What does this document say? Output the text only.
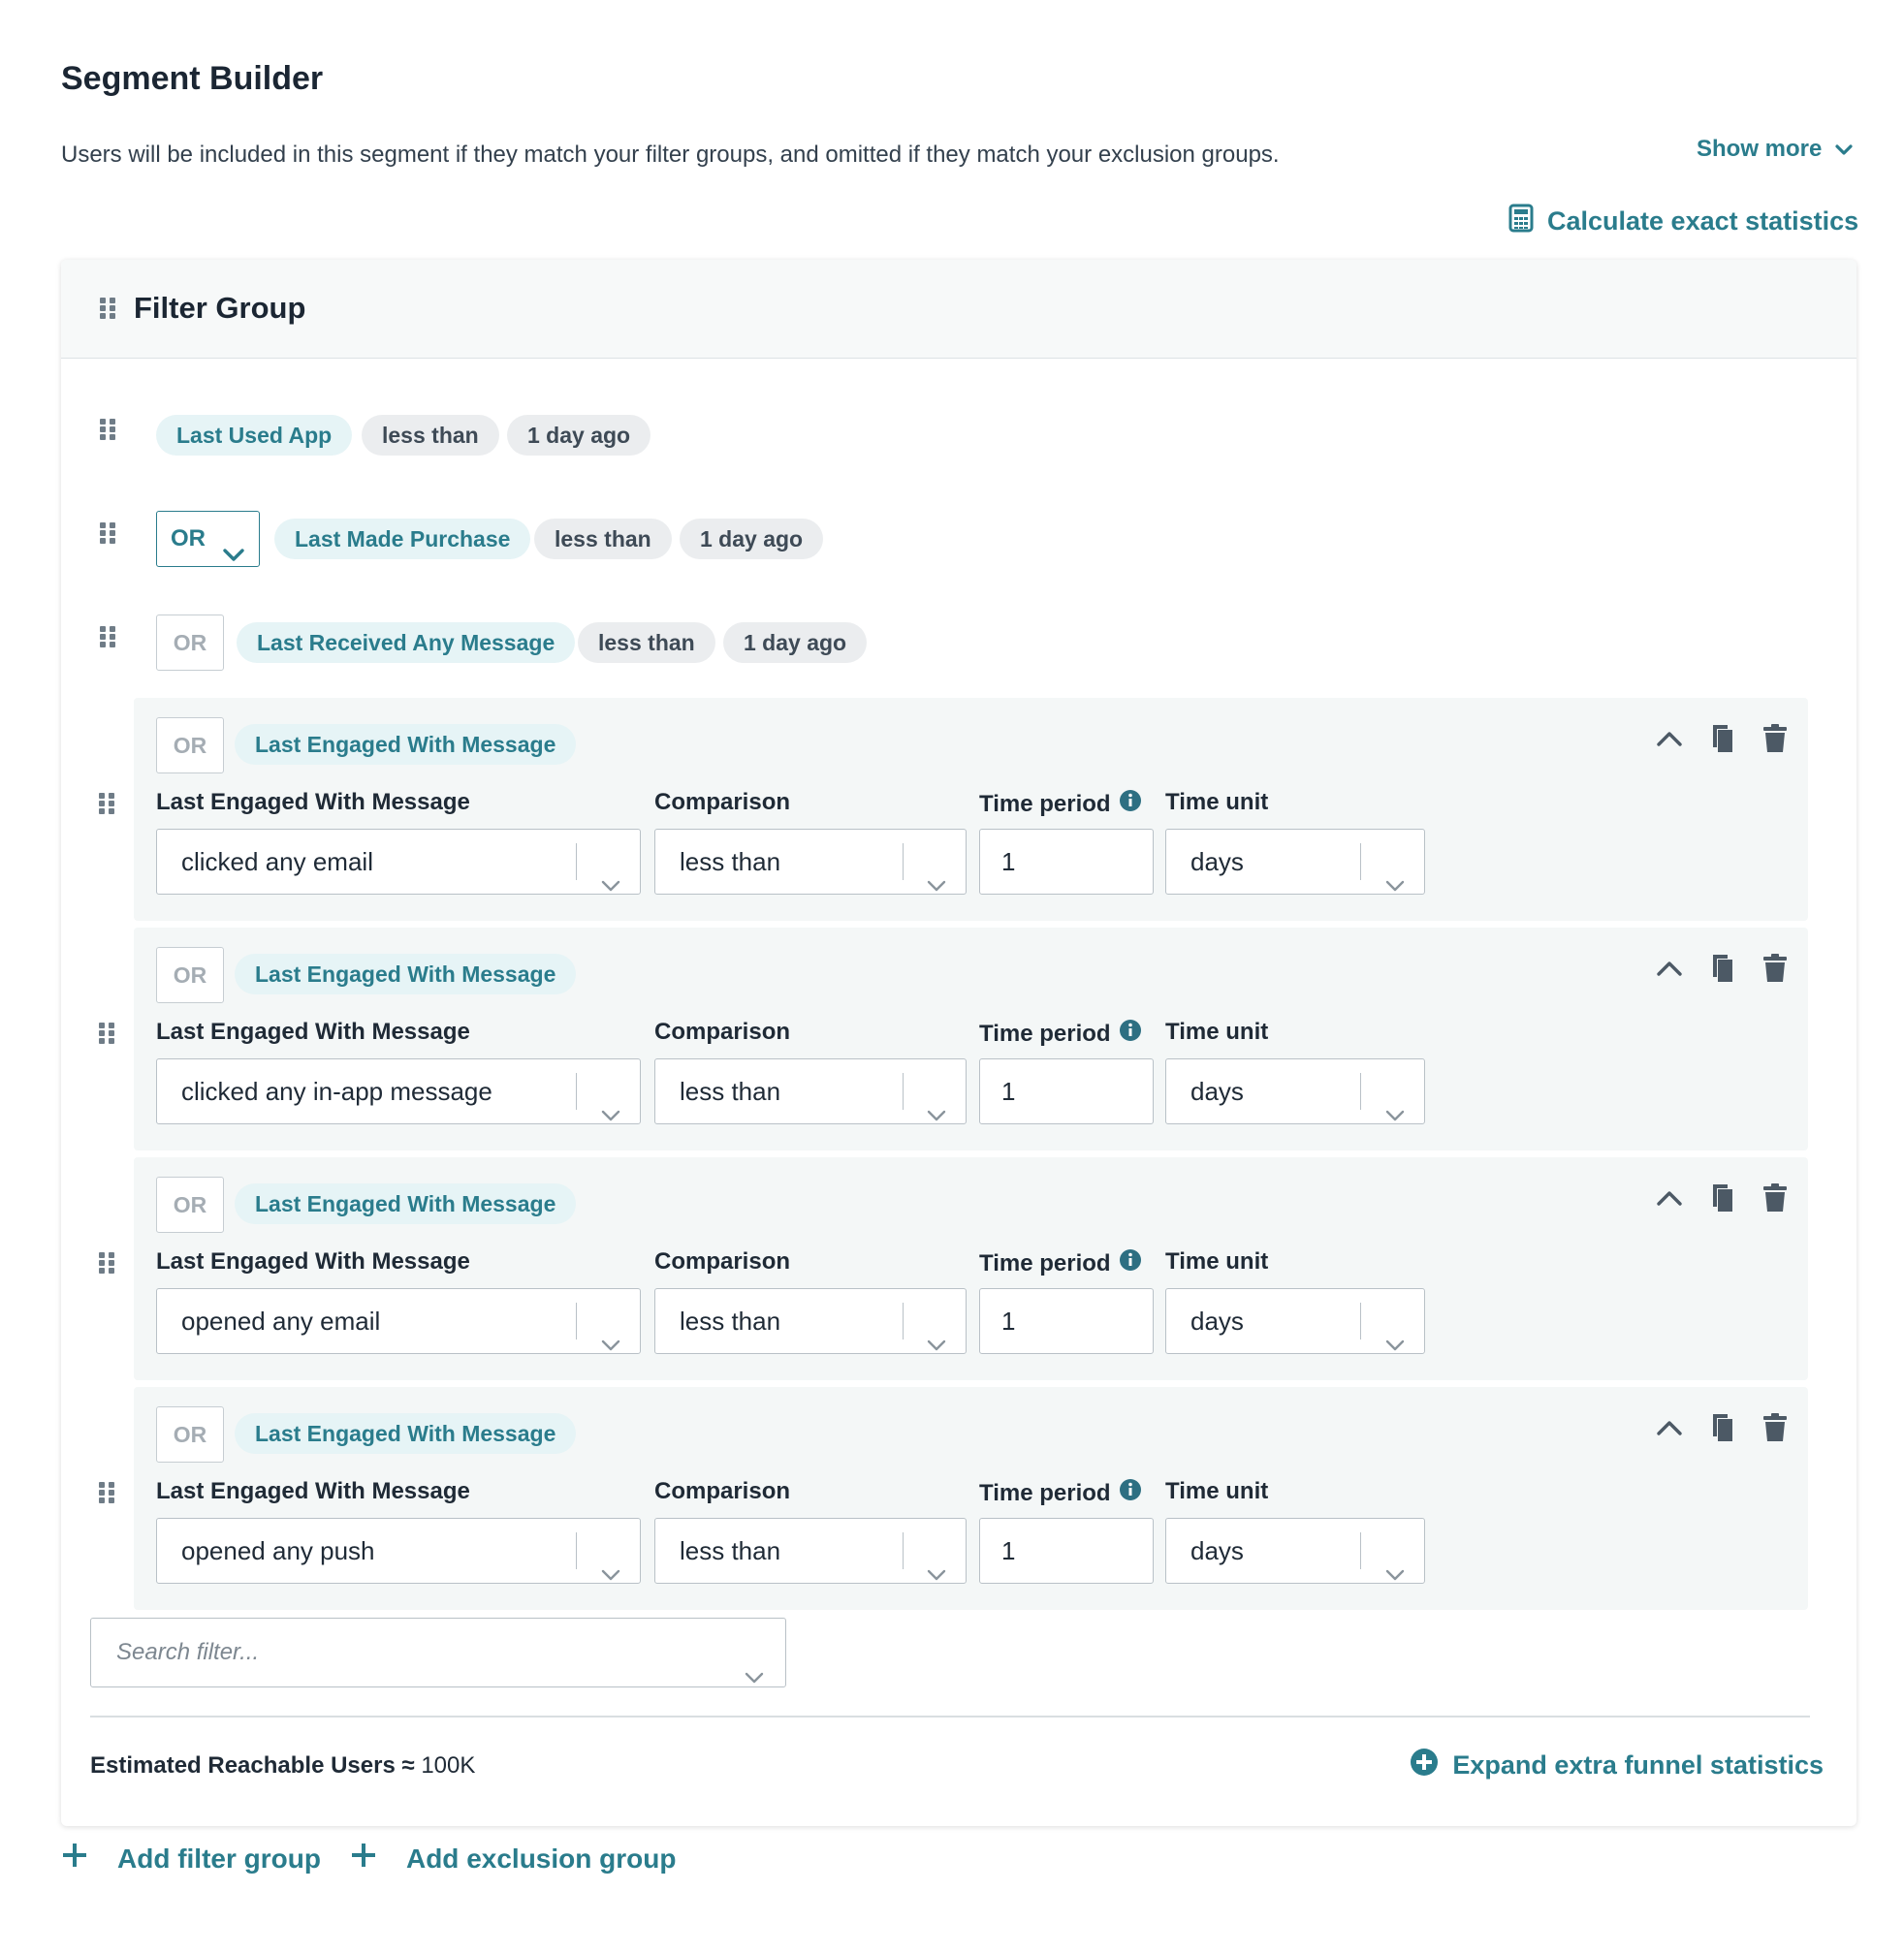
Segment Builder
Users will be included in this segment if they match your filter groups, and omitted if they match your exclusion groups.	Show more
Calculate exact statistics
Filter Group
Last Used App	less than	1 day ago
OR	Last Made Purchase	less than	1 day ago
OR	Last Received Any Message	less than	1 day ago
OR	Last Engaged With Message
Last Engaged With Message	Comparison	Time period Time unit
clicked any email	less than	1	days
OR	Last Engaged With Message
Last Engaged With Message	Comparison	Time period Time unit
clicked any in-app message	less than	1	days
OR	Last Engaged With Message
Last Engaged With Message	Comparison	Time period Time unit
opened any email	less than	1	days
OR	Last Engaged With Message
Last Engaged With Message	Comparison	Time period Time unit
opened any push	less than	1	days
Search filter...
Estimated Reachable Users ≈ 100K	Expand extra funnel statistics
Add filter group	Add exclusion group
